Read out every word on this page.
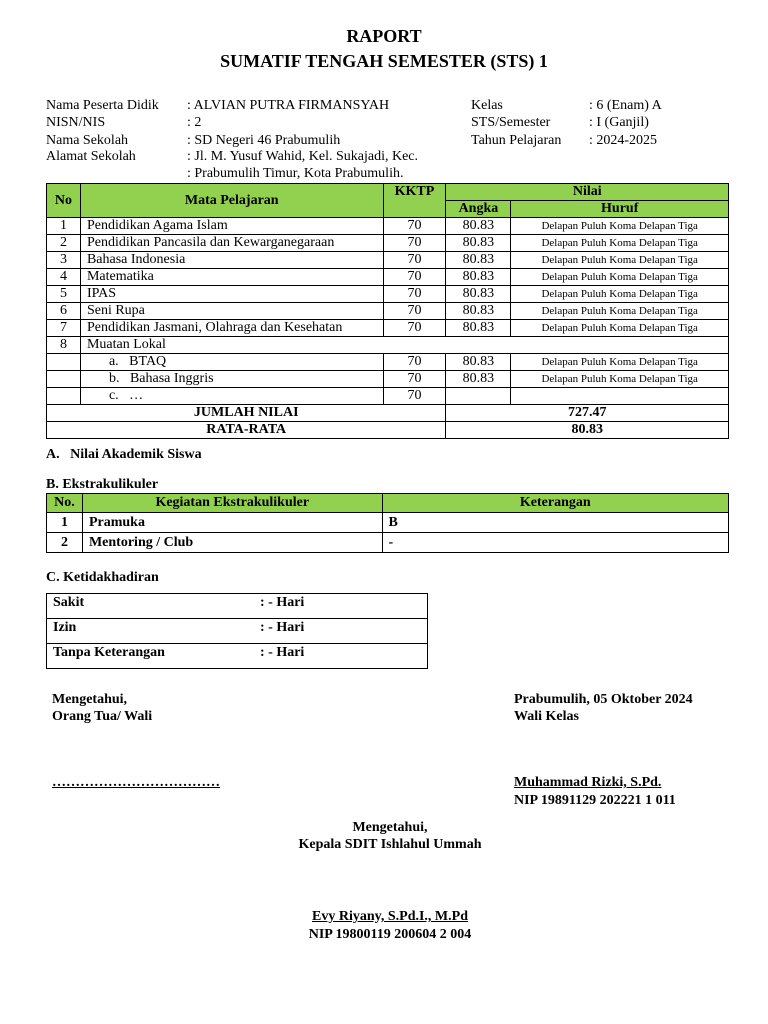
RAPORT
SUMATIF TENGAH SEMESTER (STS) 1
Nama Peserta Didik : ALVIAN PUTRA FIRMANSYAH
NISN/NIS	: 2
Nama Sekolah	: SD Negeri 46 Prabumulih
Alamat Sekolah	: Jl. M. Yusuf Wahid, Kel. Sukajadi, Kec.
: Prabumulih Timur, Kota Prabumulih.
Kelas	: 6 (Enam) A
STS/Semester	: I (Ganjil)
Tahun Pelajaran : 2024-2025
No	Mata Pelajaran	KKTP	Nilai	
			Angka	Huruf
1	Pendidikan Agama Islam	70	80.83	Delapan Puluh Koma Delapan Tiga
2	Pendidikan Pancasila dan Kewarganegaraan	70	80.83	Delapan Puluh Koma Delapan Tiga
3	Bahasa Indonesia	70	80.83	Delapan Puluh Koma Delapan Tiga
4	Matematika	70	80.83	Delapan Puluh Koma Delapan Tiga
5	IPAS	70	80.83	Delapan Puluh Koma Delapan Tiga
6	Seni Rupa	70	80.83	Delapan Puluh Koma Delapan Tiga
7	Pendidikan Jasmani, Olahraga dan Kesehatan	70	80.83	Delapan Puluh Koma Delapan Tiga
8	Muatan Lokal			
	a. BTAQ	70	80.83	Delapan Puluh Koma Delapan Tiga
	b. Bahasa Inggris	70	80.83	Delapan Puluh Koma Delapan Tiga
	c. …	70		
JUMLAH NILAI			727.47	
RATA-RATA			80.83	
A.   Nilai Akademik Siswa
B. Ekstrakulikuler
No.	Kegiatan Ekstrakulikuler	Keterangan
1	Pramuka	B
2	Mentoring / Club	-
C. Ketidakhadiran
Sakit	: - Hari
Izin	: - Hari
Tanpa Keterangan	: - Hari
Mengetahui,
Orang Tua/ Wali
………………………………
Prabumulih, 05 Oktober 2024
Wali Kelas
Muhammad Rizki, S.Pd.
NIP 19891129 202221 1 011
Mengetahui,
Kepala SDIT Ishlahul Ummah
Evy Riyany, S.Pd.I., M.Pd
NIP 19800119 200604 2 004
